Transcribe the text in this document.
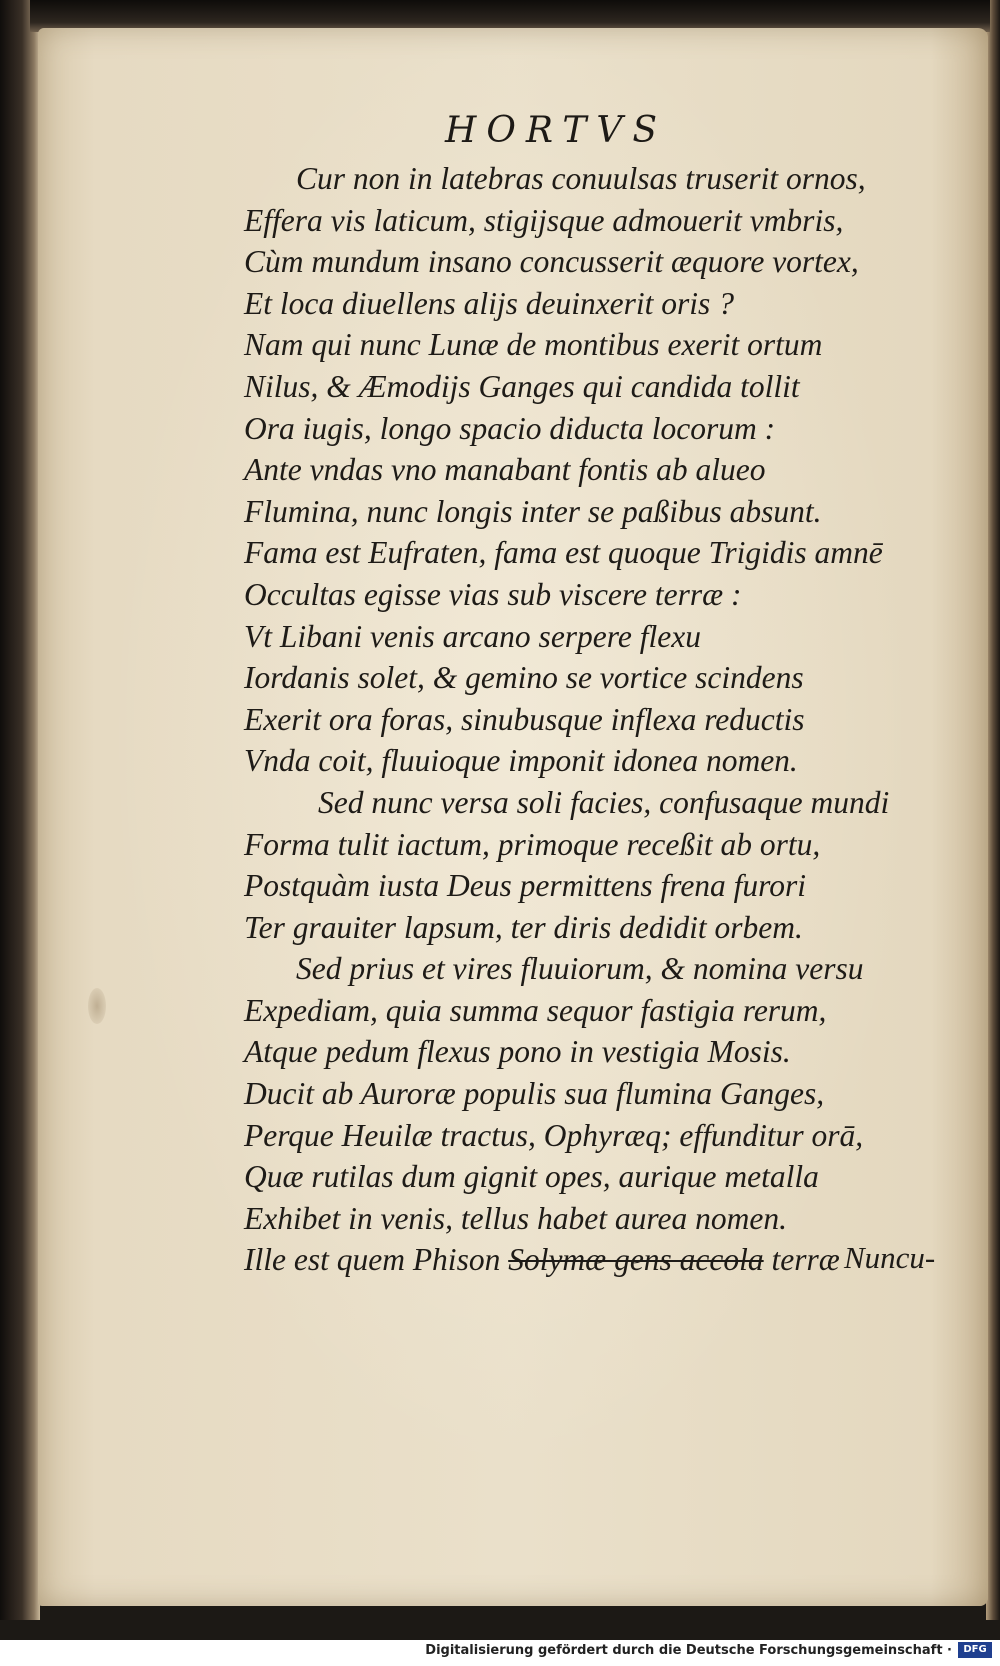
HORTVS
Cur non in latebras conuulsas truserit ornos,
Effera vis laticum, stigijsque admouerit vmbris,
Cùm mundum insano concusserit æquore vortex,
Et loca diuellens alijs deuinxerit oris ?
Nam qui nunc Lunæ de montibus exerit ortum
Nilus, & Æmodijs Ganges qui candida tollit
Ora iugis, longo spacio diducta locorum :
Ante vndas vno manabant fontis ab alueo
Flumina, nunc longis inter se paßibus absunt.
Fama est Eufraten, fama est quoque Trigidis amnē
Occultas egisse vias sub viscere terræ :
Vt Libani venis arcano serpere flexu
Iordanis solet, & gemino se vortice scindens
Exerit ora foras, sinubusque inflexa reductis
Vnda coit, fluuioque imponit idonea nomen.
Sed nunc versa soli facies, confusaque mundi
Forma tulit iactum, primoque receßit ab ortu,
Postquàm iusta Deus permittens frena furori
Ter grauiter lapsum, ter diris dedidit orbem.
Sed prius et vires fluuiorum, & nomina versu
Expediam, quia summa sequor fastigia rerum,
Atque pedum flexus pono in vestigia Mosis.
Ducit ab Auroræ populis sua flumina Ganges,
Perque Heuilæ tractus, Ophyræq; effunditur orā,
Quæ rutilas dum gignit opes, aurique metalla
Exhibet in venis, tellus habet aurea nomen.
Ille est quem Phison Solymæ gens accola terræ Nuncu-
Digitalisierung gefördert durch die Deutsche Forschungsgemeinschaft ·	DFG
